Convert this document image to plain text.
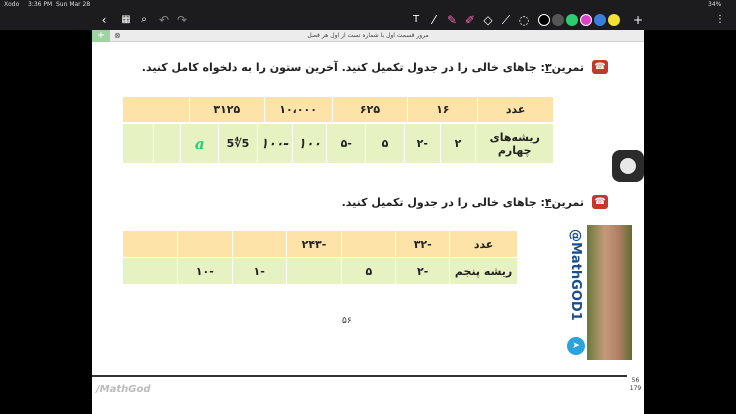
Xodo 3:36 PM Sun Mar 28	34%
‹	▦	⌕	↶ ↷	T	⁄ ✎ ✐ ◇ ⟋ ◌	+	⋮
+	⊗	مرور قسمت اول با شماره تست از اول هر فصل
☎
تمرین۳: جاهای خالی را در جدول تکمیل کنید. آخرین ستون را به دلخواه کامل کنید.
عدد	۱۶	۶۲۵	۱۰،۰۰۰	۳۱۲۵	
ریشه‌های چهارم	۲	-۲	۵	-۵	۱۰۰	-۱۰۰	5∜5	a		
☎
تمرین۴: جاهای خالی را در جدول تکمیل کنید.
عدد	-۳۲		-۲۴۳			
ریشه پنجم	-۲	۵		-۱	-۱۰	
۵۶
/MathGod
@MathGOD1
➤
56
179
